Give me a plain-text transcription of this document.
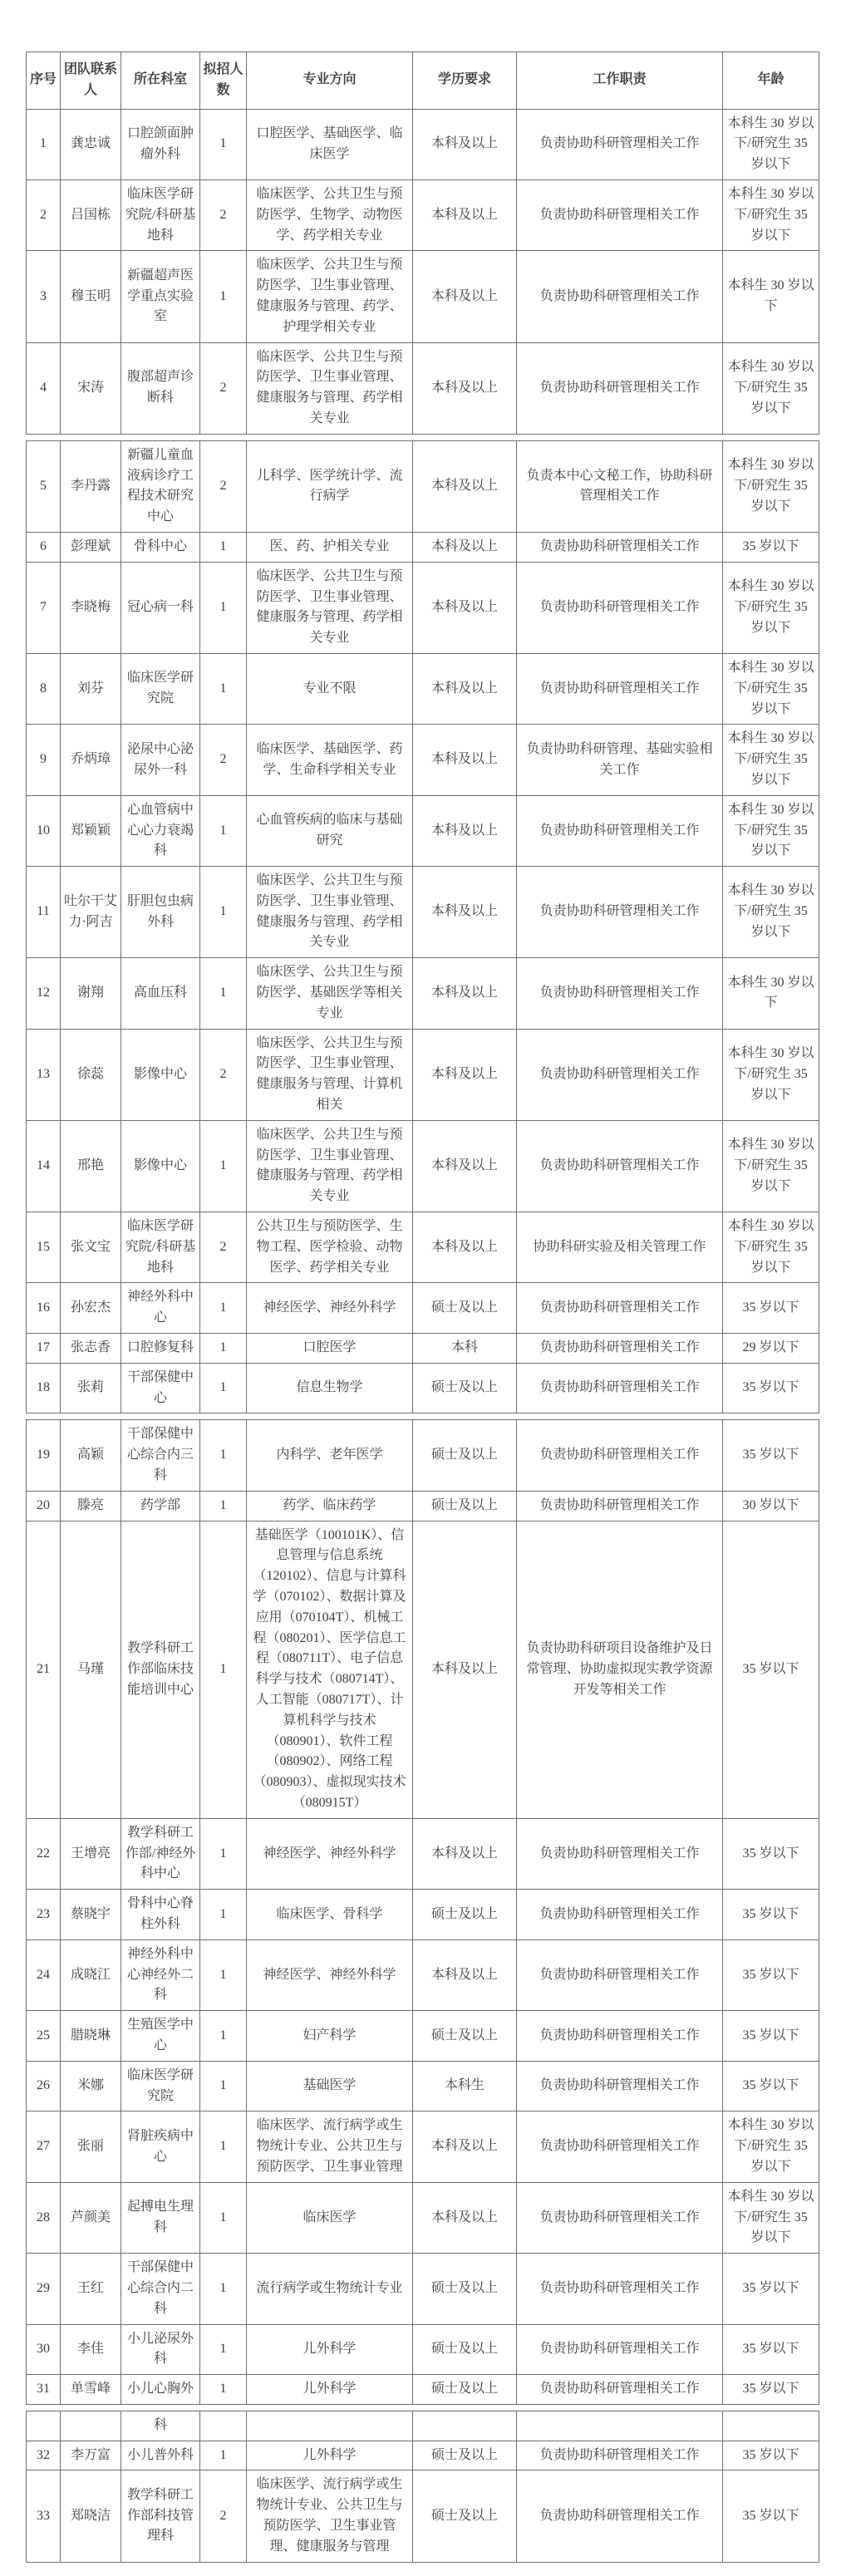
序号	团队联系人	所在科室	拟招人数	专业方向	学历要求	工作职责	年龄
1	龚忠诚	口腔颌面肿瘤外科	1	口腔医学、基础医学、临床医学	本科及以上	负责协助科研管理相关工作	本科生 30 岁以下/研究生 35 岁以下
2	吕国栋	临床医学研究院/科研基地科	2	临床医学、公共卫生与预防医学、生物学、动物医学、药学相关专业	本科及以上	负责协助科研管理相关工作	本科生 30 岁以下/研究生 35 岁以下
3	穆玉明	新疆超声医学重点实验室	1	临床医学、公共卫生与预防医学、卫生事业管理、健康服务与管理、药学、护理学相关专业	本科及以上	负责协助科研管理相关工作	本科生 30 岁以下
4	宋涛	腹部超声诊断科	2	临床医学、公共卫生与预防医学、卫生事业管理、健康服务与管理、药学相关专业	本科及以上	负责协助科研管理相关工作	本科生 30 岁以下/研究生 35 岁以下
5	李丹露	新疆儿童血液病诊疗工程技术研究中心	2	儿科学、医学统计学、流行病学	本科及以上	负责本中心文秘工作，协助科研管理相关工作	本科生 30 岁以下/研究生 35 岁以下
6	彭理斌	骨科中心	1	医、药、护相关专业	本科及以上	负责协助科研管理相关工作	35 岁以下
7	李晓梅	冠心病一科	1	临床医学、公共卫生与预防医学、卫生事业管理、健康服务与管理、药学相关专业	本科及以上	负责协助科研管理相关工作	本科生 30 岁以下/研究生 35 岁以下
8	刘芬	临床医学研究院	1	专业不限	本科及以上	负责协助科研管理相关工作	本科生 30 岁以下/研究生 35 岁以下
9	乔炳璋	泌尿中心泌尿外一科	2	临床医学、基础医学、药学、生命科学相关专业	本科及以上	负责协助科研管理、基础实验相关工作	本科生 30 岁以下/研究生 35 岁以下
10	郑颖颖	心血管病中心心力衰竭科	1	心血管疾病的临床与基础研究	本科及以上	负责协助科研管理相关工作	本科生 30 岁以下/研究生 35 岁以下
11	吐尔干艾力·阿吉	肝胆包虫病外科	1	临床医学、公共卫生与预防医学、卫生事业管理、健康服务与管理、药学相关专业	本科及以上	负责协助科研管理相关工作	本科生 30 岁以下/研究生 35 岁以下
12	谢翔	高血压科	1	临床医学、公共卫生与预防医学、基础医学等相关专业	本科及以上	负责协助科研管理相关工作	本科生 30 岁以下
13	徐蕊	影像中心	2	临床医学、公共卫生与预防医学、卫生事业管理、健康服务与管理、计算机相关	本科及以上	负责协助科研管理相关工作	本科生 30 岁以下/研究生 35 岁以下
14	邢艳	影像中心	1	临床医学、公共卫生与预防医学、卫生事业管理、健康服务与管理、药学相关专业	本科及以上	负责协助科研管理相关工作	本科生 30 岁以下/研究生 35 岁以下
15	张文宝	临床医学研究院/科研基地科	2	公共卫生与预防医学、生物工程、医学检验、动物医学、药学相关专业	本科及以上	协助科研实验及相关管理工作	本科生 30 岁以下/研究生 35 岁以下
16	孙宏杰	神经外科中心	1	神经医学、神经外科学	硕士及以上	负责协助科研管理相关工作	35 岁以下
17	张志香	口腔修复科	1	口腔医学	本科	负责协助科研管理相关工作	29 岁以下
18	张莉	干部保健中心	1	信息生物学	硕士及以上	负责协助科研管理相关工作	35 岁以下
19	高颖	干部保健中心综合内三科	1	内科学、老年医学	硕士及以上	负责协助科研管理相关工作	35 岁以下
20	滕亮	药学部	1	药学、临床药学	硕士及以上	负责协助科研管理相关工作	30 岁以下
21	马瑾	教学科研工作部临床技能培训中心	1	基础医学（100101K）、信息管理与信息系统（120102）、信息与计算科学（070102）、数据计算及应用（070104T）、机械工程（080201）、医学信息工程（080711T）、电子信息科学与技术（080714T）、人工智能（080717T）、计算机科学与技术（080901）、软件工程（080902）、网络工程（080903）、虚拟现实技术（080915T）	本科及以上	负责协助科研项目设备维护及日常管理、协助虚拟现实教学资源开发等相关工作	35 岁以下
22	王增亮	教学科研工作部/神经外科中心	1	神经医学、神经外科学	本科及以上	负责协助科研管理相关工作	35 岁以下
23	蔡晓宇	骨科中心脊柱外科	1	临床医学、骨科学	硕士及以上	负责协助科研管理相关工作	35 岁以下
24	成晓江	神经外科中心神经外二科	1	神经医学、神经外科学	本科及以上	负责协助科研管理相关工作	35 岁以下
25	腊晓琳	生殖医学中心	1	妇产科学	硕士及以上	负责协助科研管理相关工作	35 岁以下
26	米娜	临床医学研究院	1	基础医学	本科生	负责协助科研管理相关工作	35 岁以下
27	张丽	肾脏疾病中心	1	临床医学、流行病学或生物统计专业、公共卫生与预防医学、卫生事业管理	本科及以上	负责协助科研管理相关工作	本科生 30 岁以下/研究生 35 岁以下
28	芦颜美	起搏电生理科	1	临床医学	本科及以上	负责协助科研管理相关工作	本科生 30 岁以下/研究生 35 岁以下
29	王红	干部保健中心综合内二科	1	流行病学或生物统计专业	硕士及以上	负责协助科研管理相关工作	35 岁以下
30	李佳	小儿泌尿外科	1	儿外科学	硕士及以上	负责协助科研管理相关工作	35 岁以下
31	单雪峰	小儿心胸外	1	儿外科学	硕士及以上	负责协助科研管理相关工作	35 岁以下
		科					
32	李万富	小儿普外科	1	儿外科学	硕士及以上	负责协助科研管理相关工作	35 岁以下
33	郑晓洁	教学科研工作部科技管理科	2	临床医学、流行病学或生物统计专业、公共卫生与预防医学、卫生事业管理、健康服务与管理	硕士及以上	负责协助科研管理相关工作	35 岁以下
